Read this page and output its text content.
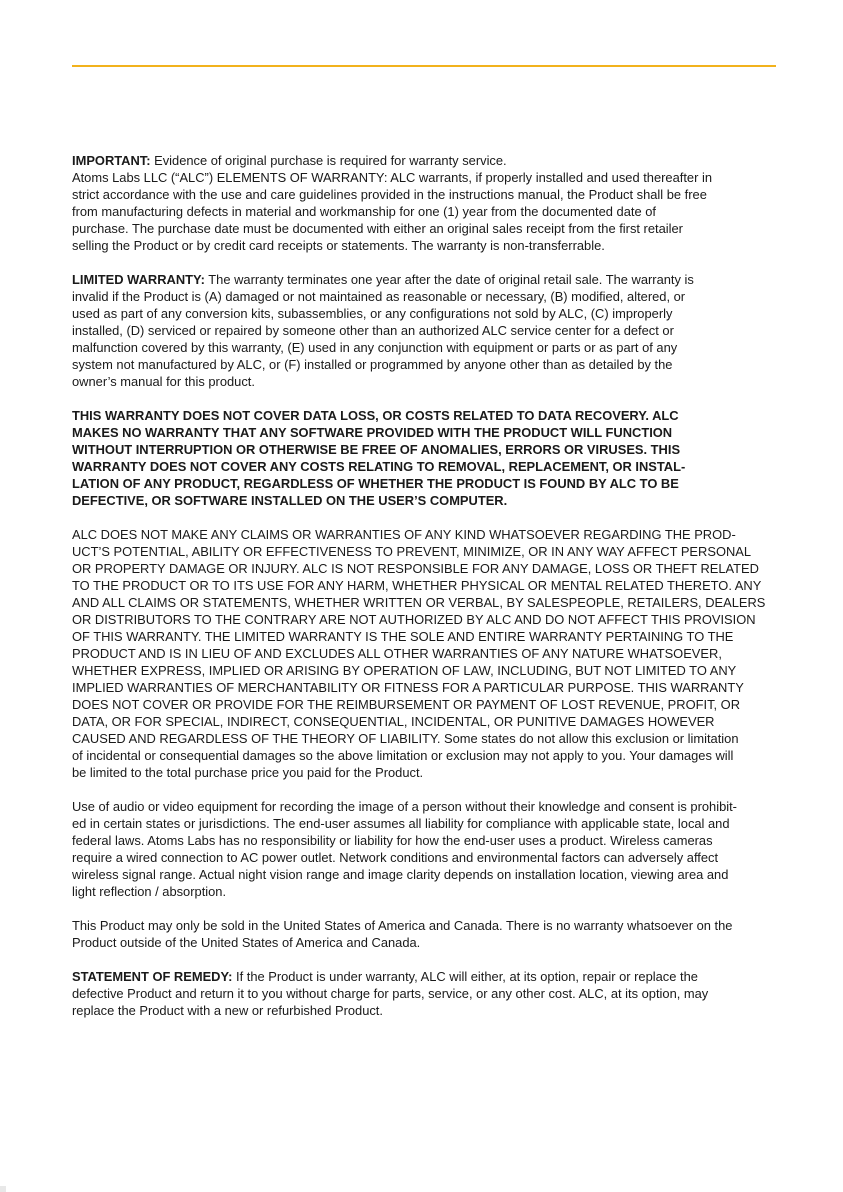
IMPORTANT: Evidence of original purchase is required for warranty service.
Atoms Labs LLC (“ALC”) ELEMENTS OF WARRANTY: ALC warrants, if properly installed and used thereafter in
strict accordance with the use and care guidelines provided in the instructions manual, the Product shall be free
from manufacturing defects in material and workmanship for one (1) year from the documented date of
purchase. The purchase date must be documented with either an original sales receipt from the first retailer
selling the Product or by credit card receipts or statements. The warranty is non-transferrable.

LIMITED WARRANTY: The warranty terminates one year after the date of original retail sale. The warranty is
invalid if the Product is (A) damaged or not maintained as reasonable or necessary, (B) modified, altered, or
used as part of any conversion kits, subassemblies, or any configurations not sold by ALC, (C) improperly
installed, (D) serviced or repaired by someone other than an authorized ALC service center for a defect or
malfunction covered by this warranty, (E) used in any conjunction with equipment or parts or as part of any
system not manufactured by ALC, or (F) installed or programmed by anyone other than as detailed by the
owner’s manual for this product.

THIS WARRANTY DOES NOT COVER DATA LOSS, OR COSTS RELATED TO DATA RECOVERY. ALC
MAKES NO WARRANTY THAT ANY SOFTWARE PROVIDED WITH THE PRODUCT WILL FUNCTION
WITHOUT INTERRUPTION OR OTHERWISE BE FREE OF ANOMALIES, ERRORS OR VIRUSES. THIS
WARRANTY DOES NOT COVER ANY COSTS RELATING TO REMOVAL, REPLACEMENT, OR INSTAL-
LATION OF ANY PRODUCT, REGARDLESS OF WHETHER THE PRODUCT IS FOUND BY ALC TO BE
DEFECTIVE, OR SOFTWARE INSTALLED ON THE USER’S COMPUTER.

ALC DOES NOT MAKE ANY CLAIMS OR WARRANTIES OF ANY KIND WHATSOEVER REGARDING THE PROD-
UCT’S POTENTIAL, ABILITY OR EFFECTIVENESS TO PREVENT, MINIMIZE, OR IN ANY WAY AFFECT PERSONAL
OR PROPERTY DAMAGE OR INJURY. ALC IS NOT RESPONSIBLE FOR ANY DAMAGE, LOSS OR THEFT RELATED
TO THE PRODUCT OR TO ITS USE FOR ANY HARM, WHETHER PHYSICAL OR MENTAL RELATED THERETO. ANY
AND ALL CLAIMS OR STATEMENTS, WHETHER WRITTEN OR VERBAL, BY SALESPEOPLE, RETAILERS, DEALERS
OR DISTRIBUTORS TO THE CONTRARY ARE NOT AUTHORIZED BY ALC AND DO NOT AFFECT THIS PROVISION
OF THIS WARRANTY. THE LIMITED WARRANTY IS THE SOLE AND ENTIRE WARRANTY PERTAINING TO THE
PRODUCT AND IS IN LIEU OF AND EXCLUDES ALL OTHER WARRANTIES OF ANY NATURE WHATSOEVER,
WHETHER EXPRESS, IMPLIED OR ARISING BY OPERATION OF LAW, INCLUDING, BUT NOT LIMITED TO ANY
IMPLIED WARRANTIES OF MERCHANTABILITY OR FITNESS FOR A PARTICULAR PURPOSE. THIS WARRANTY
DOES NOT COVER OR PROVIDE FOR THE REIMBURSEMENT OR PAYMENT OF LOST REVENUE, PROFIT, OR
DATA, OR FOR SPECIAL, INDIRECT, CONSEQUENTIAL, INCIDENTAL, OR PUNITIVE DAMAGES HOWEVER
CAUSED AND REGARDLESS OF THE THEORY OF LIABILITY. Some states do not allow this exclusion or limitation
of incidental or consequential damages so the above limitation or exclusion may not apply to you. Your damages will
be limited to the total purchase price you paid for the Product.

Use of audio or video equipment for recording the image of a person without their knowledge and consent is prohibit-
ed in certain states or jurisdictions. The end-user assumes all liability for compliance with applicable state, local and
federal laws. Atoms Labs has no responsibility or liability for how the end-user uses a product. Wireless cameras
require a wired connection to AC power outlet. Network conditions and environmental factors can adversely affect
wireless signal range. Actual night vision range and image clarity depends on installation location, viewing area and
light reflection / absorption.

This Product may only be sold in the United States of America and Canada. There is no warranty whatsoever on the
Product outside of the United States of America and Canada.

STATEMENT OF REMEDY: If the Product is under warranty, ALC will either, at its option, repair or replace the
defective Product and return it to you without charge for parts, service, or any other cost. ALC, at its option, may
replace the Product with a new or refurbished Product.
